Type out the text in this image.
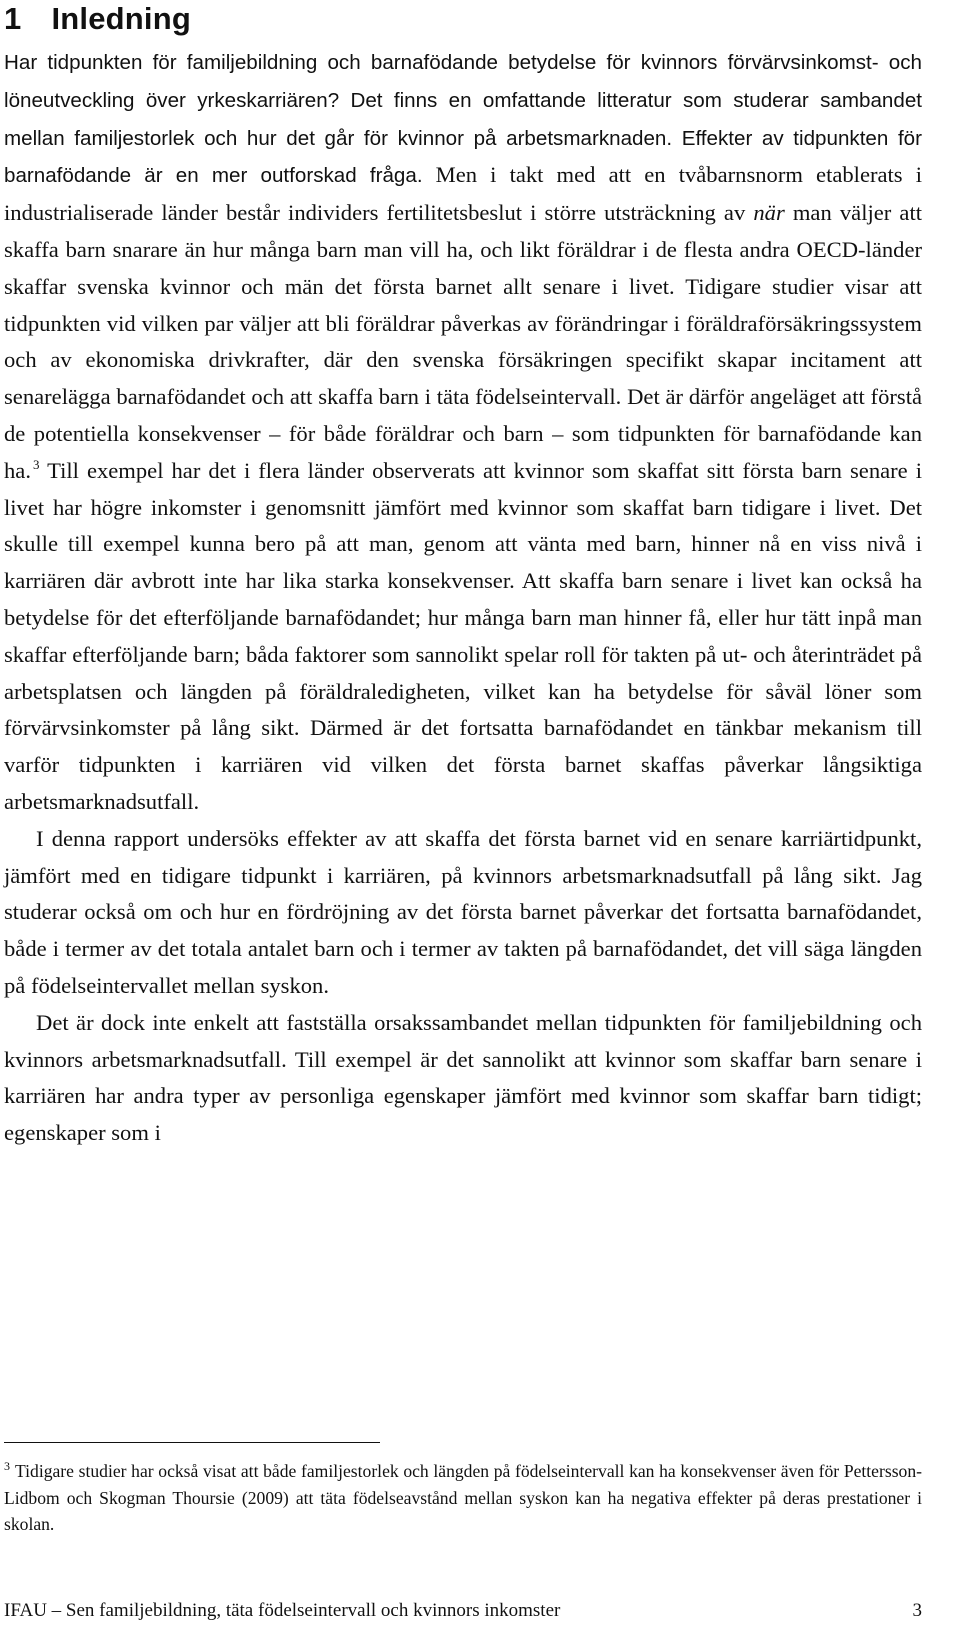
1 Inledning

Har tidpunkten för familjebildning och barnafödande betydelse för kvinnors förvärvsinkomst- och löneutveckling över yrkeskarriären? Det finns en omfattande litteratur som studerar sambandet mellan familjestorlek och hur det går för kvinnor på arbetsmarknaden. Effekter av tidpunkten för barnafödande är en mer outforskad fråga. Men i takt med att en tvåbarnsnorm etablerats i industrialiserade länder består individers fertilitetsbeslut i större utsträckning av när man väljer att skaffa barn snarare än hur många barn man vill ha, och likt föräldrar i de flesta andra OECD-länder skaffar svenska kvinnor och män det första barnet allt senare i livet. Tidigare studier visar att tidpunkten vid vilken par väljer att bli föräldrar påverkas av förändringar i föräldraförsäkringssystem och av ekonomiska drivkrafter, där den svenska försäkringen specifikt skapar incitament att senarelägga barnafödandet och att skaffa barn i täta födelseintervall. Det är därför angeläget att förstå de potentiella konsekvenser – för både föräldrar och barn – som tidpunkten för barnafödande kan ha. $^3$ Till exempel har det i flera länder observerats att kvinnor som skaffat sitt första barn senare i livet har högre inkomster i genomsnitt jämfört med kvinnor som skaffat barn tidigare i livet. Det skulle till exempel kunna bero på att man, genom att vänta med barn, hinner nå en viss nivå i karriären där avbrott inte har lika starka konsekvenser. Att skaffa barn senare i livet kan också ha betydelse för det efterföljande barnafödandet; hur många barn man hinner få, eller hur tätt inpå man skaffar efterföljande barn; båda faktorer som sannolikt spelar roll för takten på ut- och återinträdet på arbetsplatsen och längden på föräldraledigheten, vilket kan ha betydelse för såväl löner som förvärvsinkomster på lång sikt. Därmed är det fortsatta barnafödandet en tänkbar mekanism till varför tidpunkten i karriären vid vilken det första barnet skaffas påverkar långsiktiga arbetsmarknadsutfall.

I denna rapport undersöks effekter av att skaffa det första barnet vid en senare karriärtidpunkt, jämfört med en tidigare tidpunkt i karriären, på kvinnors arbetsmarknadsutfall på lång sikt. Jag studerar också om och hur en fördröjning av det första barnet påverkar det fortsatta barnafödandet, både i termer av det totala antalet barn och i termer av takten på barnafödandet, det vill säga längden på födelseintervallet mellan syskon.

Det är dock inte enkelt att fastställa orsakssambandet mellan tidpunkten för familjebildning och kvinnors arbetsmarknadsutfall. Till exempel är det sannolikt att kvinnor som skaffar barn senare i karriären har andra typer av personliga egenskaper jämfört med kvinnor som skaffar barn tidigt; egenskaper som i

$^3$ Tidigare studier har också visat att både familjestorlek och längden på födelseintervall kan ha konsekvenser även för Pettersson-Lidbom och Skogman Thoursie (2009) att täta födelseavstånd mellan syskon kan ha negativa effekter på deras prestationer i skolan.
IFAU – Sen familjebildning, täta födelseintervall och kvinnors inkomster	3
